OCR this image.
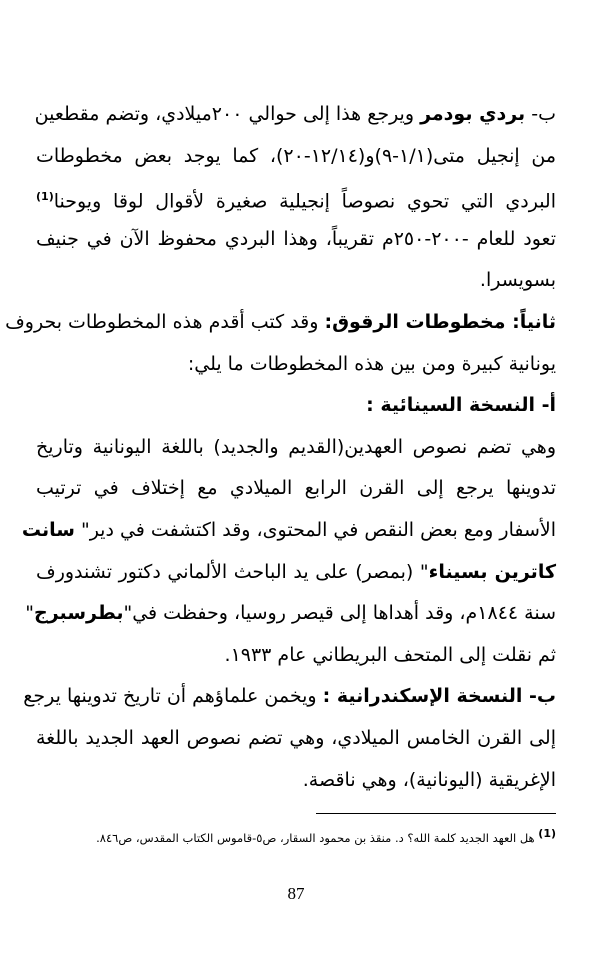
ب- بردي بودمر ويرجع هذا إلى حوالي ٢٠٠ميلادي، وتضم مقطعين
من إنجيل متى(١/١-٩)و(١٢/١٤-٢٠)، كما يوجد بعض مخطوطات
البردي التي تحوي نصوصاً إنجيلية صغيرة لأقوال لوقا ويوحنا$^{(1)}$
تعود للعام -٢٠٠-٢٥٠م تقريباً، وهذا البردي محفوظ الآن في جنيف
بسويسرا.
ثانياً: مخطوطات الرقوق: وقد كتب أقدم هذه المخطوطات بحروف
يونانية كبيرة ومن بين هذه المخطوطات ما يلي:
أ- النسخة السينائية :
وهي تضم نصوص العهدين(القديم والجديد) باللغة اليونانية وتاريخ
تدوينها يرجع إلى القرن الرابع الميلادي مع إختلاف في ترتيب
الأسفار ومع بعض النقص في المحتوى، وقد اكتشفت في دير" سانت
كاترين بسيناء" (بمصر) على يد الباحث الألماني دكتور تشندورف
سنة ١٨٤٤م، وقد أهداها إلى قيصر روسيا، وحفظت في"بطرسبرج"
ثم نقلت إلى المتحف البريطاني عام ١٩٣٣.
ب- النسخة الإسكندرانية : ويخمن علماؤهم أن تاريخ تدوينها يرجع
إلى القرن الخامس الميلادي، وهي تضم نصوص العهد الجديد باللغة
الإغريقية (اليونانية)، وهي ناقصة.
$^{(1)}$ هل العهد الجديد كلمة الله؟ د. منقذ بن محمود السقار، ص٥-قاموس الكتاب المقدس، ص٨٤٦.
87
